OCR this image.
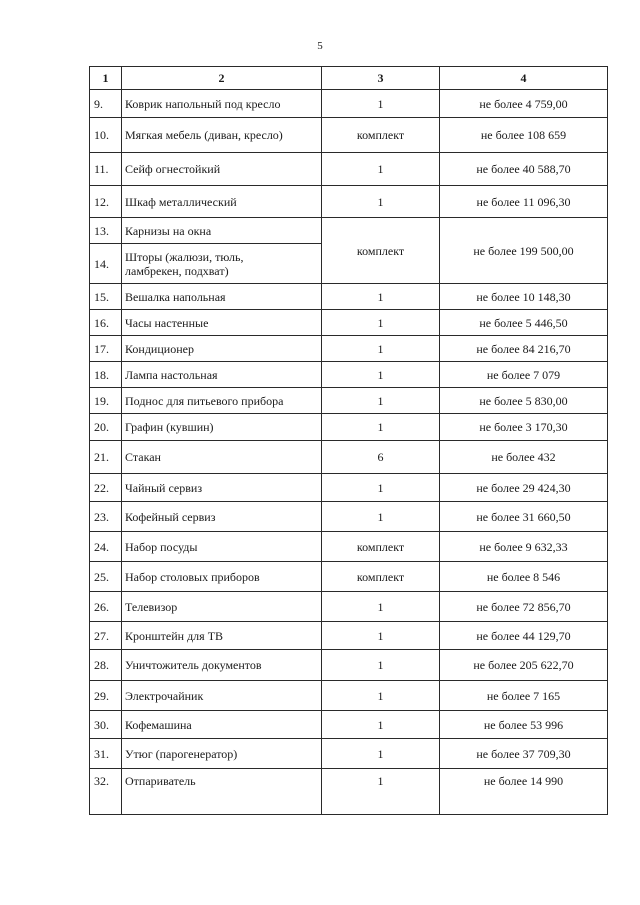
5
1	2	3	4
9.	Коврик напольный под кресло	1	не более 4 759,00
10.	Мягкая мебель (диван, кресло)	комплект	не более 108 659
11.	Сейф огнестойкий	1	не более 40 588,70
12.	Шкаф металлический	1	не более 11 096,30
13.	Карнизы на окна	комплект	не более 199 500,00
14.	Шторы (жалюзи, тюль,
ламбрекен, подхват)		

15.	Вешалка напольная	1	не более 10 148,30
16.	Часы настенные	1	не более 5 446,50
17.	Кондиционер	1	не более 84 216,70
18.	Лампа настольная	1	не более 7 079
19.	Поднос для питьевого прибора	1	не более 5 830,00
20.	Графин (кувшин)	1	не более 3 170,30
21.	Стакан	6	не более 432
22.	Чайный сервиз	1	не более 29 424,30
23.	Кофейный сервиз	1	не более 31 660,50
24.	Набор посуды	комплект	не более 9 632,33
25.	Набор столовых приборов	комплект	не более 8 546
26.	Телевизор	1	не более 72 856,70
27.	Кронштейн для ТВ	1	не более 44 129,70
28.	Уничтожитель документов	1	не более 205 622,70
29.	Электрочайник	1	не более 7 165
30.	Кофемашина	1	не более 53 996
31.	Утюг (парогенератор)	1	не более 37 709,30
32.	Отпариватель	1	не более 14 990
